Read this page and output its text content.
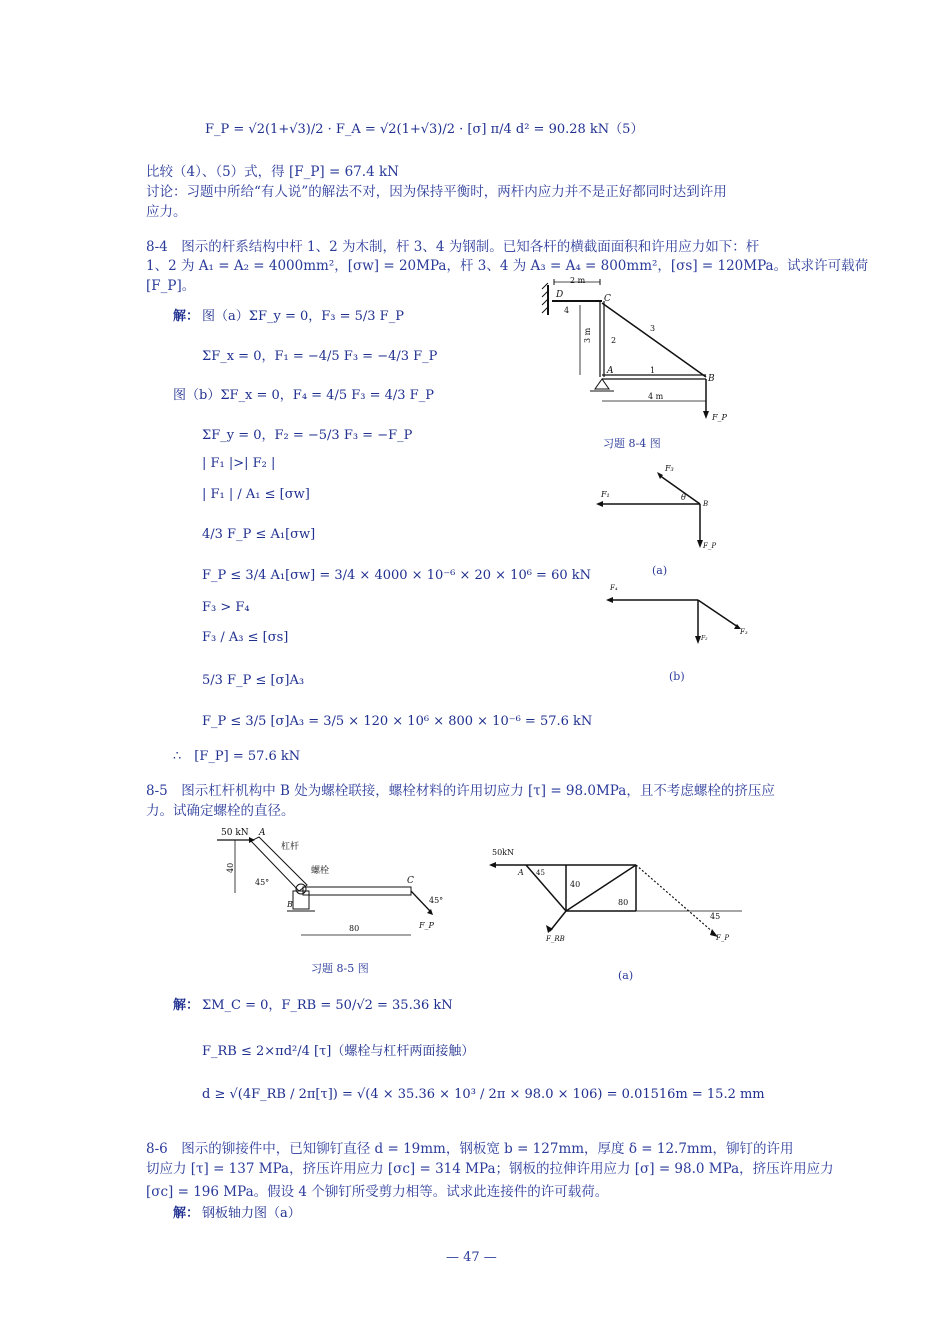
F_P = √2(1+√3)/2 · F_A = √2(1+√3)/2 · [σ] π/4 d² = 90.28 kN（5）
比较（4）、（5）式，得 [F_P] = 67.4 kN
讨论：习题中所给“有人说”的解法不对，因为保持平衡时，两杆内应力并不是正好都同时达到许用
应力。
8-4　图示的杆系结构中杆 1、2 为木制，杆 3、4 为钢制。已知各杆的横截面面积和许用应力如下：杆
1、2 为 A₁ = A₂ = 4000mm²，[σw] = 20MPa，杆 3、4 为 A₃ = A₄ = 800mm²，[σs] = 120MPa。试求许可载荷
[F_P]。
解： 图（a）ΣF_y = 0，F₃ = 5/3 F_P
ΣF_x = 0，F₁ = −4/5 F₃ = −4/3 F_P
图（b）ΣF_x = 0，F₄ = 4/5 F₃ = 4/3 F_P
ΣF_y = 0，F₂ = −5/3 F₃ = −F_P
| F₁ |>| F₂ |
| F₁ | / A₁ ≤ [σw]
4/3 F_P ≤ A₁[σw]
F_P ≤ 3/4 A₁[σw] = 3/4 × 4000 × 10⁻⁶ × 20 × 10⁶ = 60 kN
F₃ > F₄
F₃ / A₃ ≤ [σs]
5/3 F_P ≤ [σ]A₃
F_P ≤ 3/5 [σ]A₃ = 3/5 × 120 × 10⁶ × 800 × 10⁻⁶ = 57.6 kN
∴　[F_P] = 57.6 kN
2 m
D	C
4
2
3
1
A
B
3 m
4 m
F_P
习题 8-4 图
F₁
F₃
θ
B
F_P
(a)
F₄
F₂
F₃
(b)
8-5　图示杠杆机构中 B 处为螺栓联接，螺栓材料的许用切应力 [τ] = 98.0MPa，且不考虑螺栓的挤压应
力。试确定螺栓的直径。
50 kN A
杠杆
螺栓
40
45°
B
C
45°
F_P
80
习题 8-5 图
50kN
A 45
40
80
45
F_RB	F_P
(a)
解： ΣM_C = 0，F_RB = 50/√2 = 35.36 kN
F_RB ≤ 2×πd²/4 [τ]（螺栓与杠杆两面接触）
d ≥ √(4F_RB / 2π[τ]) = √(4 × 35.36 × 10³ / 2π × 98.0 × 106) = 0.01516m = 15.2 mm
8-6　图示的铆接件中，已知铆钉直径 d = 19mm，钢板宽 b = 127mm，厚度 δ = 12.7mm，铆钉的许用
切应力 [τ] = 137 MPa，挤压许用应力 [σc] = 314 MPa；钢板的拉伸许用应力 [σ] = 98.0 MPa，挤压许用应力
[σc] = 196 MPa。假设 4 个铆钉所受剪力相等。试求此连接件的许可载荷。
解： 钢板轴力图（a）
— 47 —
